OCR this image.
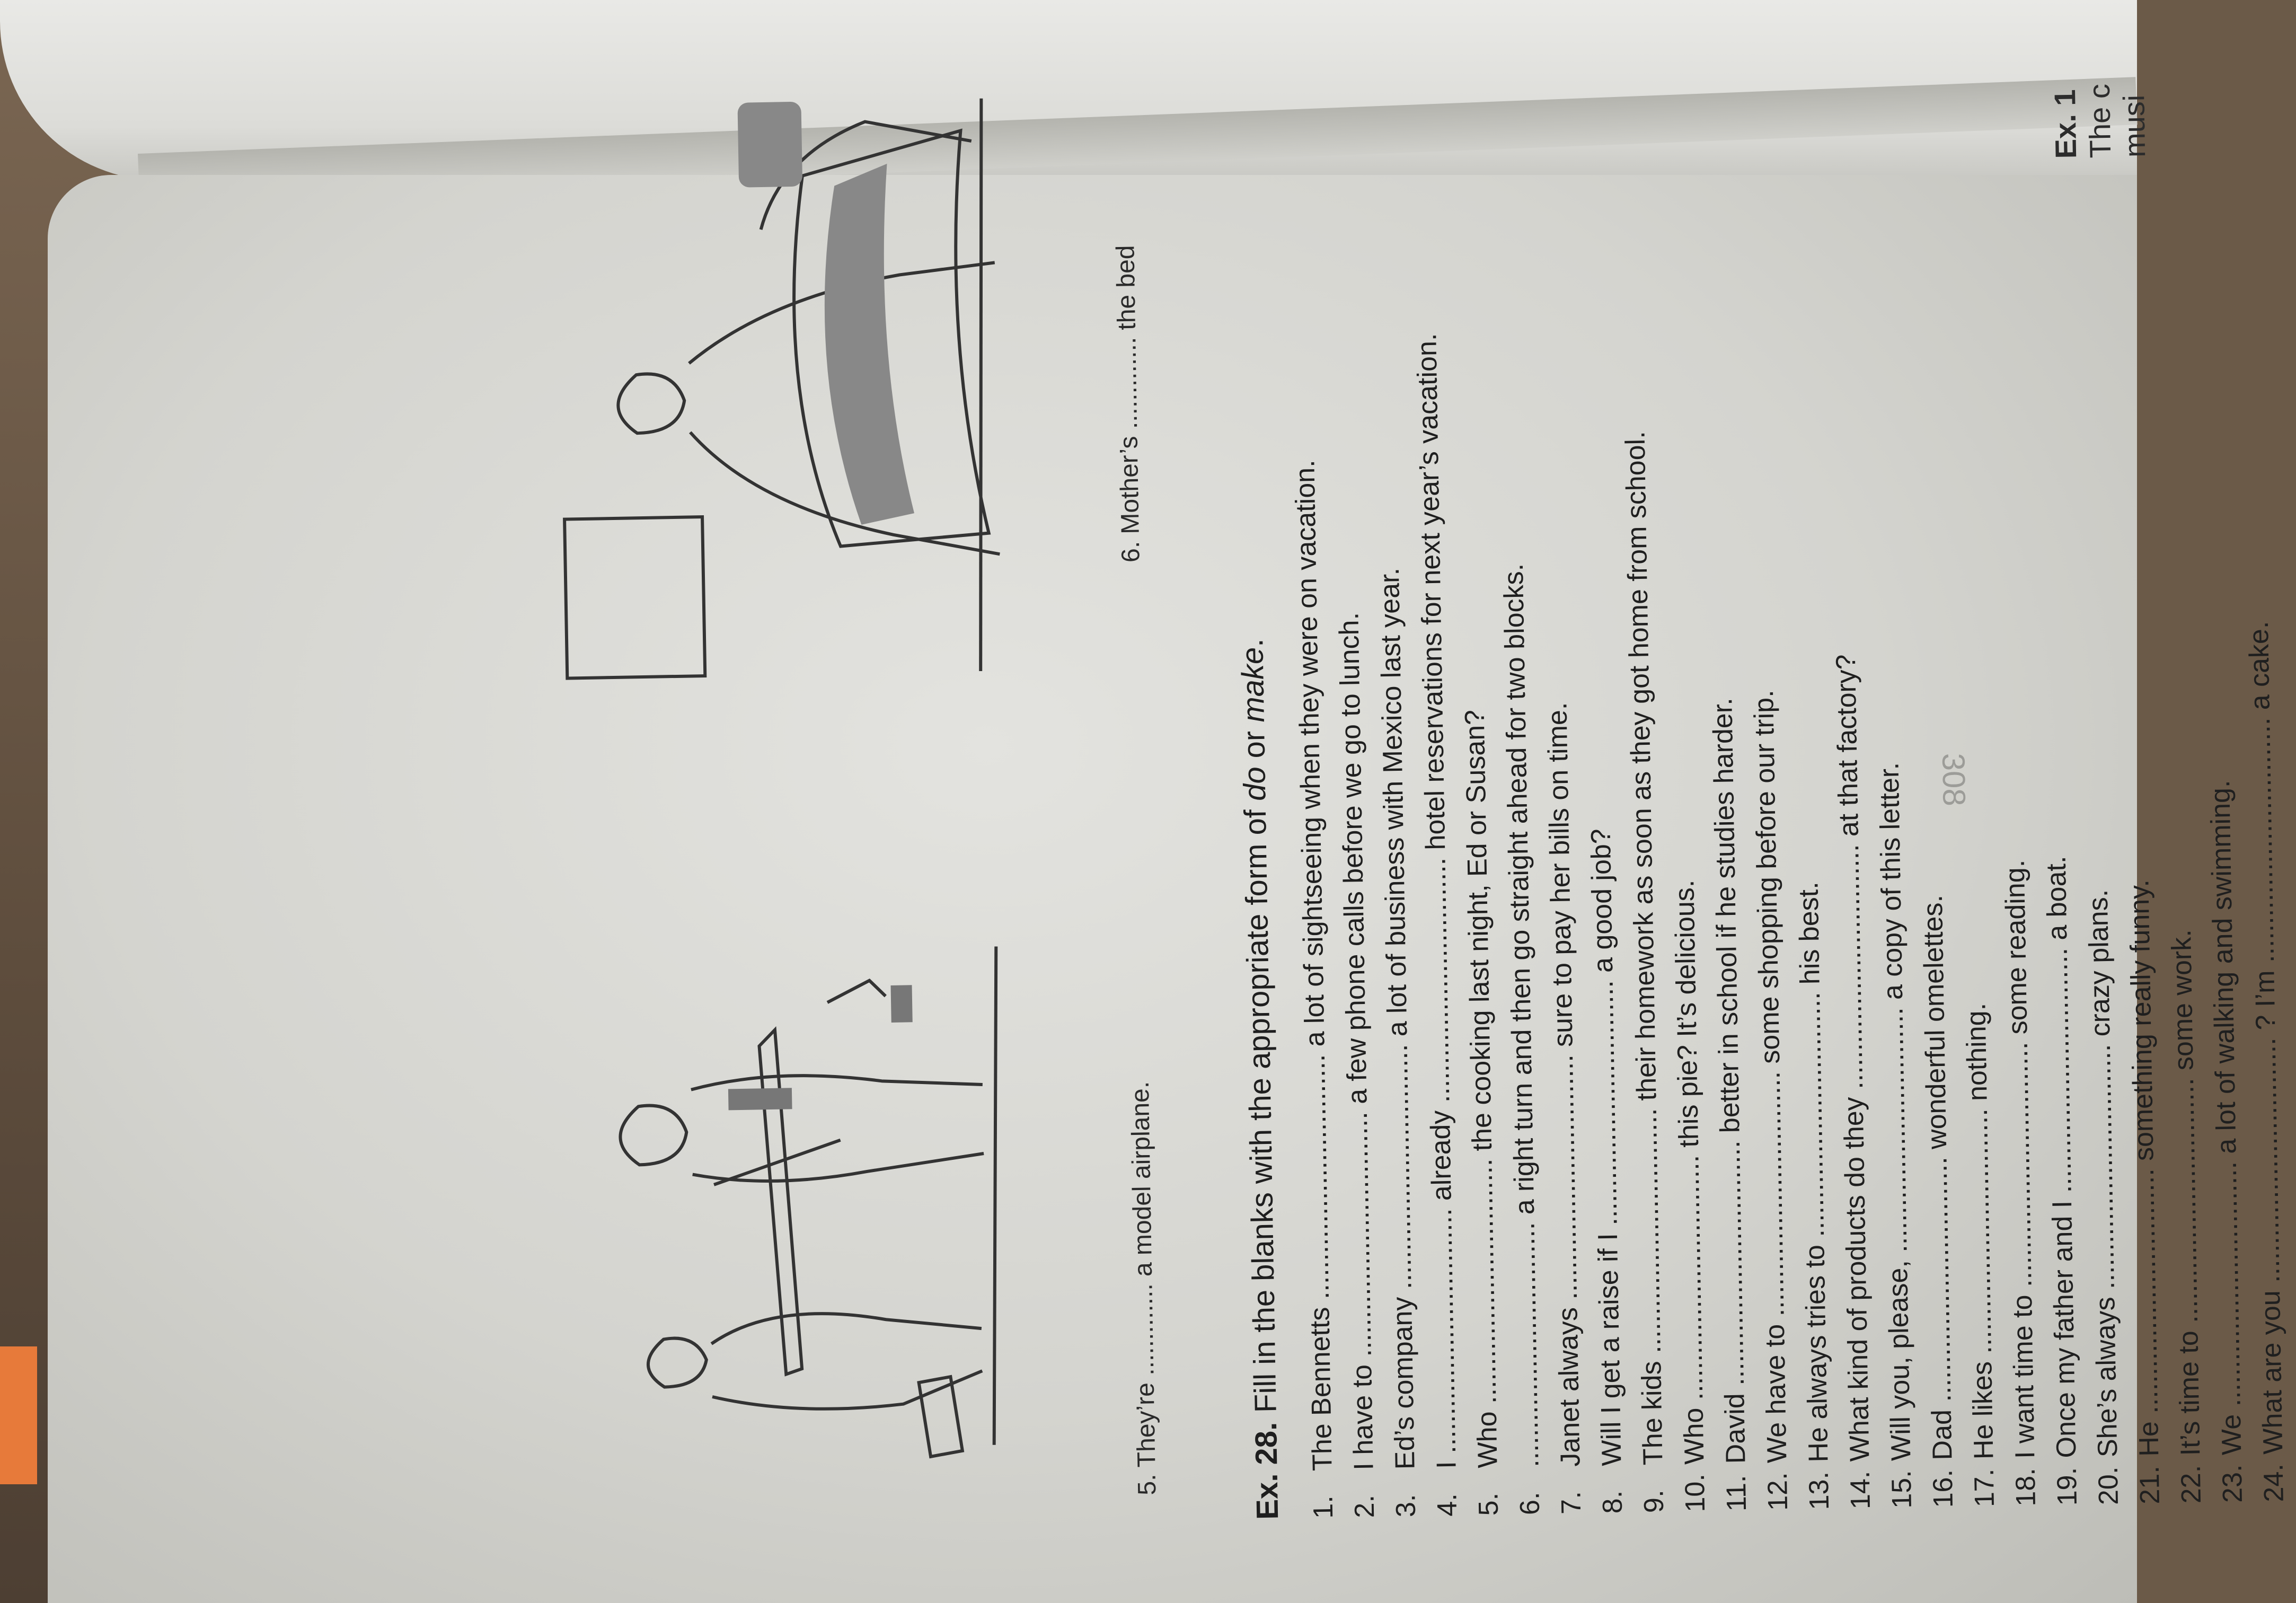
Ex. 1 The c musi
5. They’re ............. a model airplane.
6. Mother’s ............. the bed
Ex. 28.Fill in the blanks with the appropriate form of do or make.
1.The Bennetts ................................ a lot of sightseeing when they were on vacation.
2.I have to ................................ a few phone calls before we go to lunch.
3.Ed’s company ................................ a lot of business with Mexico last year.
4.I ................................ already ................................ hotel reservations for next year’s vacation.
5.Who ................................ the cooking last night, Ed or Susan?
6................................. a right turn and then go straight ahead for two blocks.
7.Janet always ................................ sure to pay her bills on time.
8.Will I get a raise if I ................................ a good job?
9.The kids ................................ their homework as soon as they got home from school.
10.Who ................................ this pie? It’s delicious.
11.David ................................ better in school if he studies harder.
12.We have to ................................ some shopping before our trip.
13.He always tries to ................................ his best.
14.What kind of products do they ................................ at that factory?
15.Will you, please, ................................ a copy of this letter.
16.Dad ................................ wonderful omelettes.
17.He likes ................................ nothing.
18.I want time to ................................ some reading.
19.Once my father and I ................................ a boat.
20.She’s always ................................ crazy plans.
21.He ................................ something really funny.
22.It’s time to ................................ some work.
23.We ................................ a lot of walking and swimming.
24.What are you ................................ ? I’m ................................ a cake.
308
